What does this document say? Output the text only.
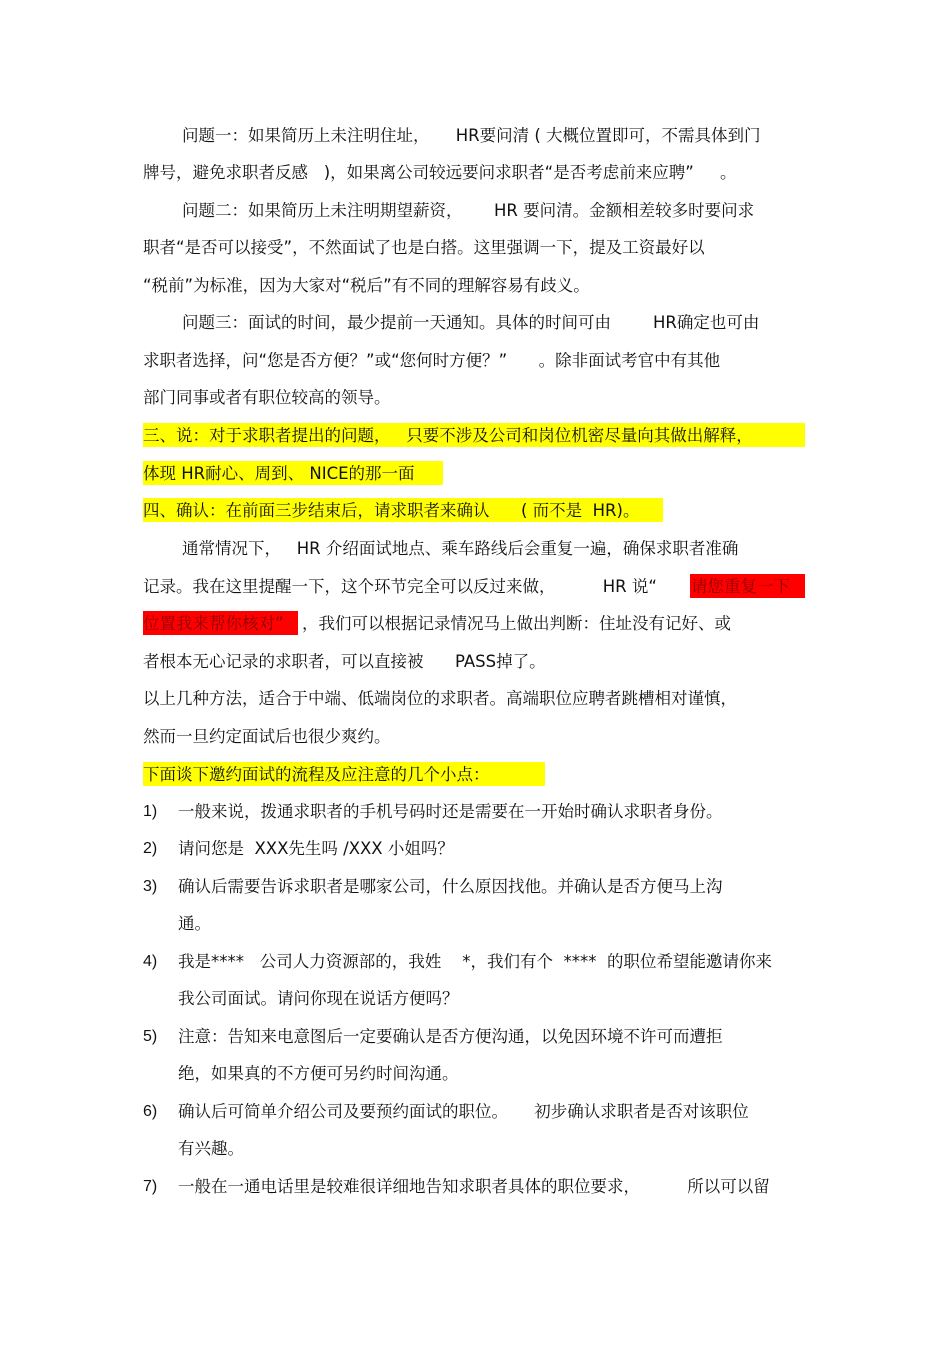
问题一：如果简历上未注明住址，     HR要问清 ( 大概位置即可，不需具体到门
牌号，避免求职者反感   )，如果离公司较远要问求职者“是否考虑前来应聘”     。
问题二：如果简历上未注明期望薪资，      HR 要问清。金额相差较多时要问求
职者“是否可以接受”，不然面试了也是白搭。这里强调一下，提及工资最好以
“税前”为标准，因为大家对“税后”有不同的理解容易有歧义。
问题三：面试的时间，最少提前一天通知。具体的时间可由        HR确定也可由
求职者选择，问“您是否方便？”或“您何时方便？”      。除非面试考官中有其他
部门同事或者有职位较高的领导。
三、说：对于求职者提出的问题，   只要不涉及公司和岗位机密尽量向其做出解释，
体现 HR耐心、周到、 NICE的那一面
四、确认：在前面三步结束后，请求职者来确认      ( 而不是  HR)。
通常情况下，   HR 介绍面试地点、乘车路线后会重复一遍，确保求职者准确
记录。我在这里提醒一下，这个环节完全可以反过来做，         HR 说“ 请您重复一下
位置我来帮你核对” ，我们可以根据记录情况马上做出判断：住址没有记好、或
者根本无心记录的求职者，可以直接被      PASS掉了。
以上几种方法，适合于中端、低端岗位的求职者。高端职位应聘者跳槽相对谨慎，
然而一旦约定面试后也很少爽约。
下面谈下邀约面试的流程及应注意的几个小点：
1) 一般来说，拨通求职者的手机号码时还是需要在一开始时确认求职者身份。
2) 请问您是  XXX先生吗 /XXX 小姐吗？
3) 确认后需要告诉求职者是哪家公司，什么原因找他。并确认是否方便马上沟
通。
4) 我是****   公司人力资源部的，我姓    *，我们有个  ****  的职位希望能邀请你来
我公司面试。请问你现在说话方便吗？
5) 注意：告知来电意图后一定要确认是否方便沟通，以免因环境不许可而遭拒
绝，如果真的不方便可另约时间沟通。
6) 确认后可简单介绍公司及要预约面试的职位。     初步确认求职者是否对该职位
有兴趣。
7) 一般在一通电话里是较难很详细地告知求职者具体的职位要求，         所以可以留
